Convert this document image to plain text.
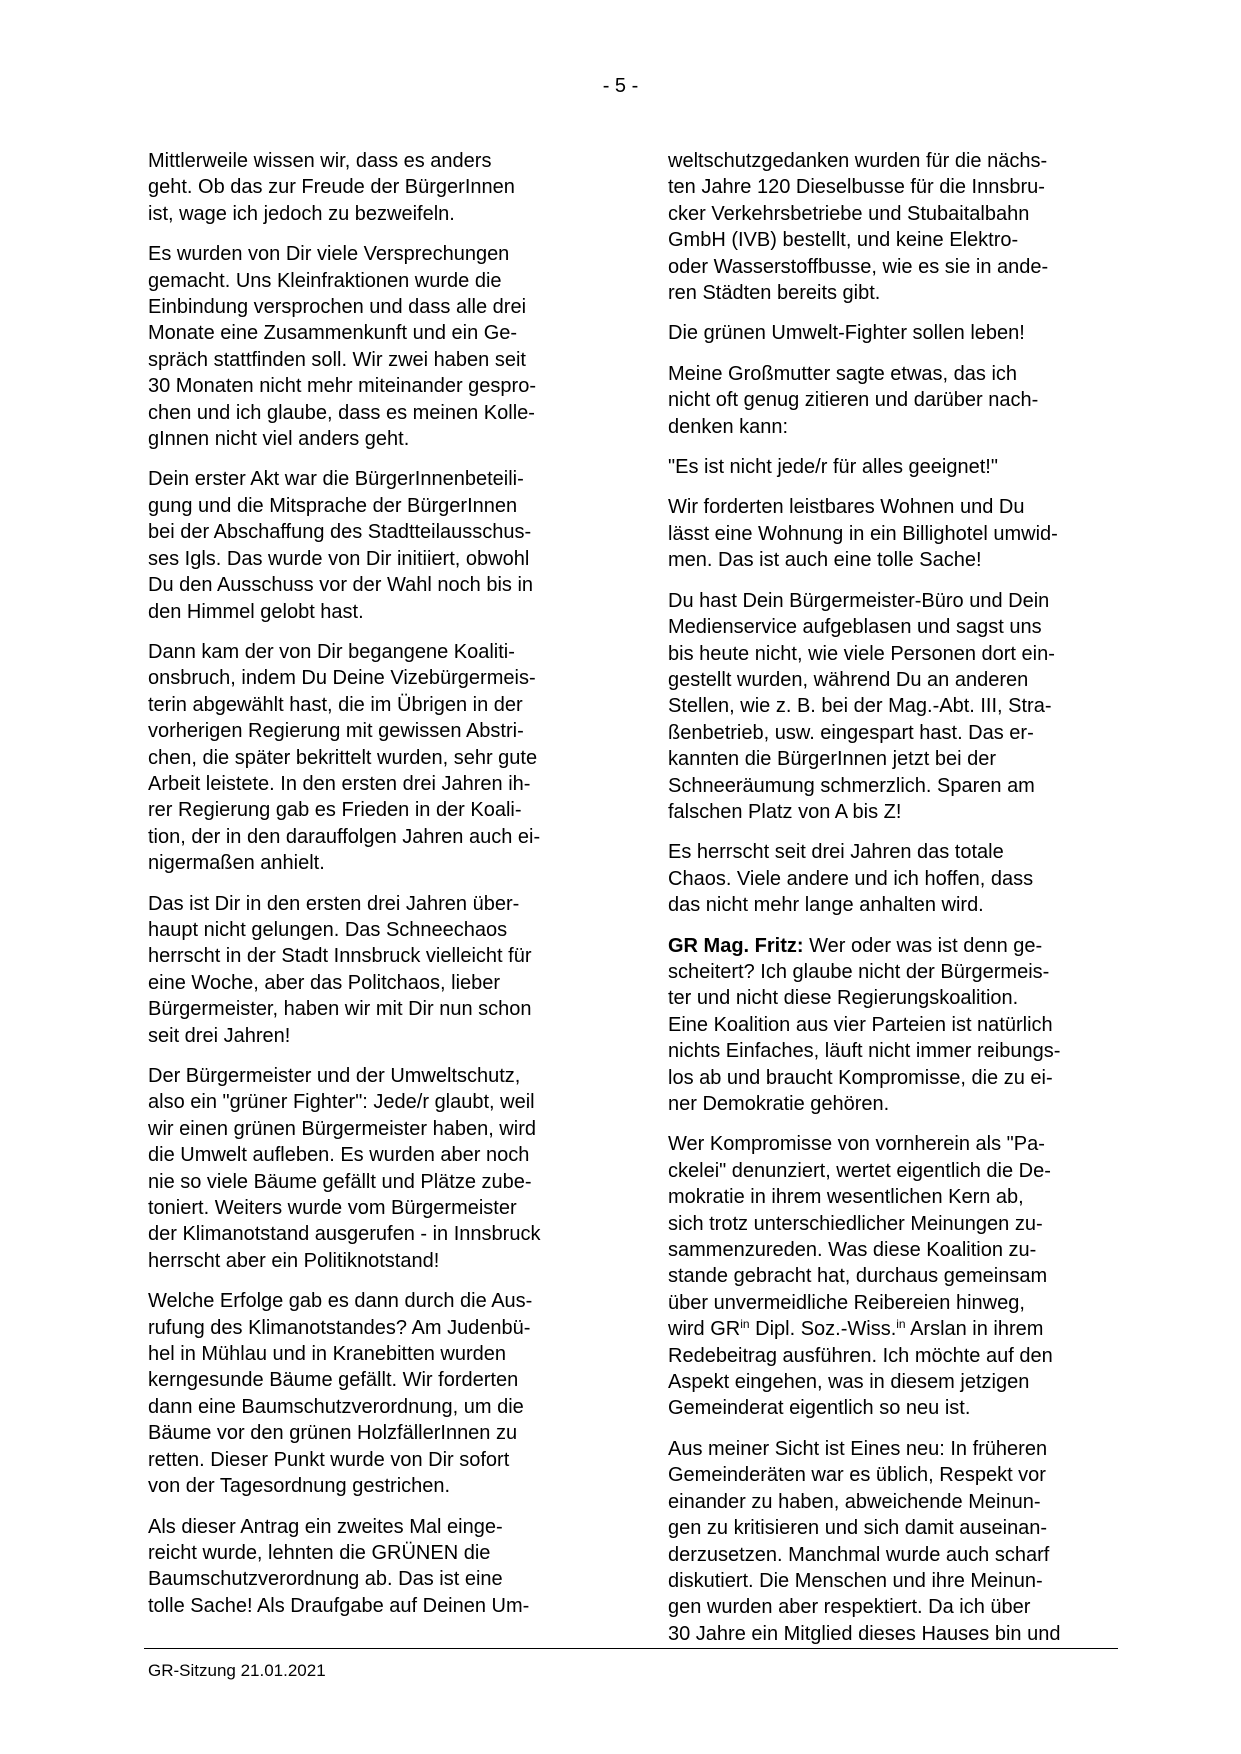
- 5 -

Mittlerweile wissen wir, dass es anders
geht. Ob das zur Freude der BürgerInnen
ist, wage ich jedoch zu bezweifeln.

Es wurden von Dir viele Versprechungen
gemacht. Uns Kleinfraktionen wurde die
Einbindung versprochen und dass alle drei
Monate eine Zusammenkunft und ein Ge-
spräch stattfinden soll. Wir zwei haben seit
30 Monaten nicht mehr miteinander gespro-
chen und ich glaube, dass es meinen Kolle-
gInnen nicht viel anders geht.

Dein erster Akt war die BürgerInnenbeteili-
gung und die Mitsprache der BürgerInnen
bei der Abschaffung des Stadtteilausschus-
ses Igls. Das wurde von Dir initiiert, obwohl
Du den Ausschuss vor der Wahl noch bis in
den Himmel gelobt hast.

Dann kam der von Dir begangene Koaliti-
onsbruch, indem Du Deine Vizebürgermeis-
terin abgewählt hast, die im Übrigen in der
vorherigen Regierung mit gewissen Abstri-
chen, die später bekrittelt wurden, sehr gute
Arbeit leistete. In den ersten drei Jahren ih-
rer Regierung gab es Frieden in der Koali-
tion, der in den darauffolgen Jahren auch ei-
nigermaßen anhielt.

Das ist Dir in den ersten drei Jahren über-
haupt nicht gelungen. Das Schneechaos
herrscht in der Stadt Innsbruck vielleicht für
eine Woche, aber das Politchaos, lieber
Bürgermeister, haben wir mit Dir nun schon
seit drei Jahren!

Der Bürgermeister und der Umweltschutz,
also ein "grüner Fighter": Jede/r glaubt, weil
wir einen grünen Bürgermeister haben, wird
die Umwelt aufleben. Es wurden aber noch
nie so viele Bäume gefällt und Plätze zube-
toniert. Weiters wurde vom Bürgermeister
der Klimanotstand ausgerufen - in Innsbruck
herrscht aber ein Politiknotstand!

Welche Erfolge gab es dann durch die Aus-
rufung des Klimanotstandes? Am Judenbü-
hel in Mühlau und in Kranebitten wurden
kerngesunde Bäume gefällt. Wir forderten
dann eine Baumschutzverordnung, um die
Bäume vor den grünen HolzfällerInnen zu
retten. Dieser Punkt wurde von Dir sofort
von der Tagesordnung gestrichen.

Als dieser Antrag ein zweites Mal einge-
reicht wurde, lehnten die GRÜNEN die
Baumschutzverordnung ab. Das ist eine
tolle Sache! Als Draufgabe auf Deinen Um-

weltschutzgedanken wurden für die nächs-
ten Jahre 120 Dieselbusse für die Innsbru-
cker Verkehrsbetriebe und Stubaitalbahn
GmbH (IVB) bestellt, und keine Elektro-
oder Wasserstoffbusse, wie es sie in ande-
ren Städten bereits gibt.

Die grünen Umwelt-Fighter sollen leben!

Meine Großmutter sagte etwas, das ich
nicht oft genug zitieren und darüber nach-
denken kann:

"Es ist nicht jede/r für alles geeignet!"

Wir forderten leistbares Wohnen und Du
lässt eine Wohnung in ein Billighotel umwid-
men. Das ist auch eine tolle Sache!

Du hast Dein Bürgermeister-Büro und Dein
Medienservice aufgeblasen und sagst uns
bis heute nicht, wie viele Personen dort ein-
gestellt wurden, während Du an anderen
Stellen, wie z. B. bei der Mag.-Abt. III, Stra-
ßenbetrieb, usw. eingespart hast. Das er-
kannten die BürgerInnen jetzt bei der
Schneeräumung schmerzlich. Sparen am
falschen Platz von A bis Z!

Es herrscht seit drei Jahren das totale
Chaos. Viele andere und ich hoffen, dass
das nicht mehr lange anhalten wird.

GR Mag. Fritz: Wer oder was ist denn ge-
scheitert? Ich glaube nicht der Bürgermeis-
ter und nicht diese Regierungskoalition.
Eine Koalition aus vier Parteien ist natürlich
nichts Einfaches, läuft nicht immer reibungs-
los ab und braucht Kompromisse, die zu ei-
ner Demokratie gehören.

Wer Kompromisse von vornherein als "Pa-
ckelei" denunziert, wertet eigentlich die De-
mokratie in ihrem wesentlichen Kern ab,
sich trotz unterschiedlicher Meinungen zu-
sammenzureden. Was diese Koalition zu-
stande gebracht hat, durchaus gemeinsam
über unvermeidliche Reibereien hinweg,
wird $GR^{in}$ Dipl. Soz.-Wiss.$^{in}$ Arslan in ihrem
Redebeitrag ausführen. Ich möchte auf den
Aspekt eingehen, was in diesem jetzigen
Gemeinderat eigentlich so neu ist.

Aus meiner Sicht ist Eines neu: In früheren
Gemeinderäten war es üblich, Respekt vor
einander zu haben, abweichende Meinun-
gen zu kritisieren und sich damit auseinan-
derzusetzen. Manchmal wurde auch scharf
diskutiert. Die Menschen und ihre Meinun-
gen wurden aber respektiert. Da ich über
30 Jahre ein Mitglied dieses Hauses bin und

GR-Sitzung 21.01.2021
